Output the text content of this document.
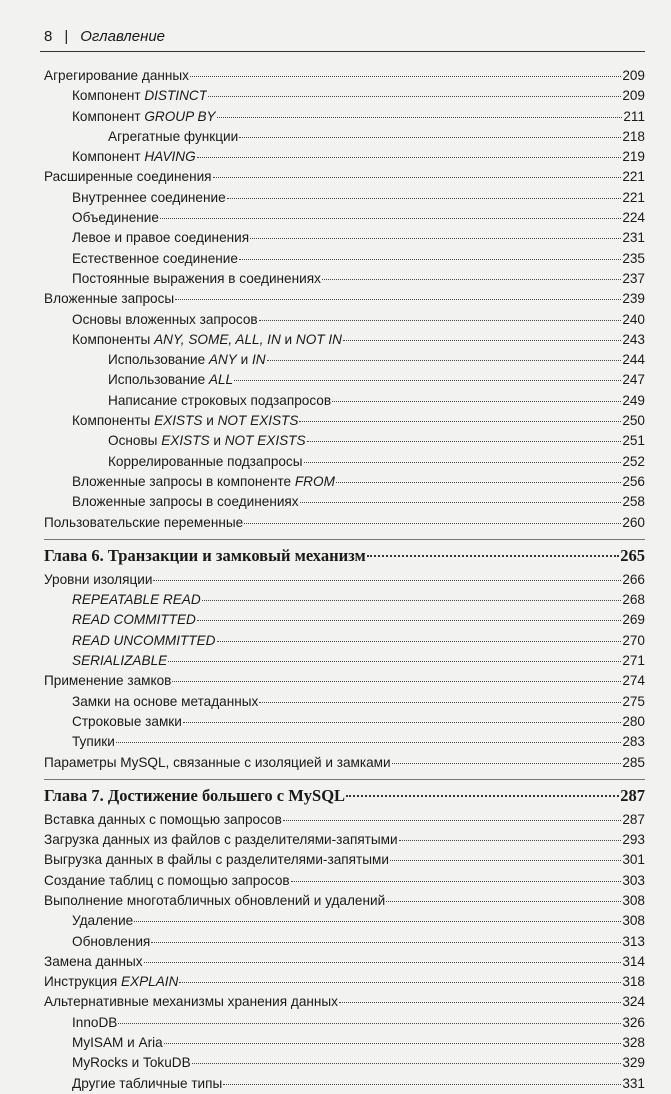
8 | Оглавление
Агрегирование данных	209
Компонент DISTINCT	209
Компонент GROUP BY	211
Агрегатные функции	218
Компонент HAVING	219
Расширенные соединения	221
Внутреннее соединение	221
Объединение	224
Левое и правое соединения	231
Естественное соединение	235
Постоянные выражения в соединениях	237
Вложенные запросы	239
Основы вложенных запросов	240
Компоненты ANY, SOME, ALL, IN и NOT IN	243
Использование ANY и IN	244
Использование ALL	247
Написание строковых подзапросов	249
Компоненты EXISTS и NOT EXISTS	250
Основы EXISTS и NOT EXISTS	251
Коррелированные подзапросы	252
Вложенные запросы в компоненте FROM	256
Вложенные запросы в соединениях	258
Пользовательские переменные	260
Глава 6. Транзакции и замковый механизм	265
Уровни изоляции	266
REPEATABLE READ	268
READ COMMITTED	269
READ UNCOMMITTED	270
SERIALIZABLE	271
Применение замков	274
Замки на основе метаданных	275
Строковые замки	280
Тупики	283
Параметры MySQL, связанные с изоляцией и замками	285
Глава 7. Достижение большего с MySQL	287
Вставка данных с помощью запросов	287
Загрузка данных из файлов с разделителями-запятыми	293
Выгрузка данных в файлы с разделителями-запятыми	301
Создание таблиц с помощью запросов	303
Выполнение многотабличных обновлений и удалений	308
Удаление	308
Обновления	313
Замена данных	314
Инструкция EXPLAIN	318
Альтернативные механизмы хранения данных	324
InnoDB	326
MyISAM и Aria	328
MyRocks и TokuDB	329
Другие табличные типы	331
